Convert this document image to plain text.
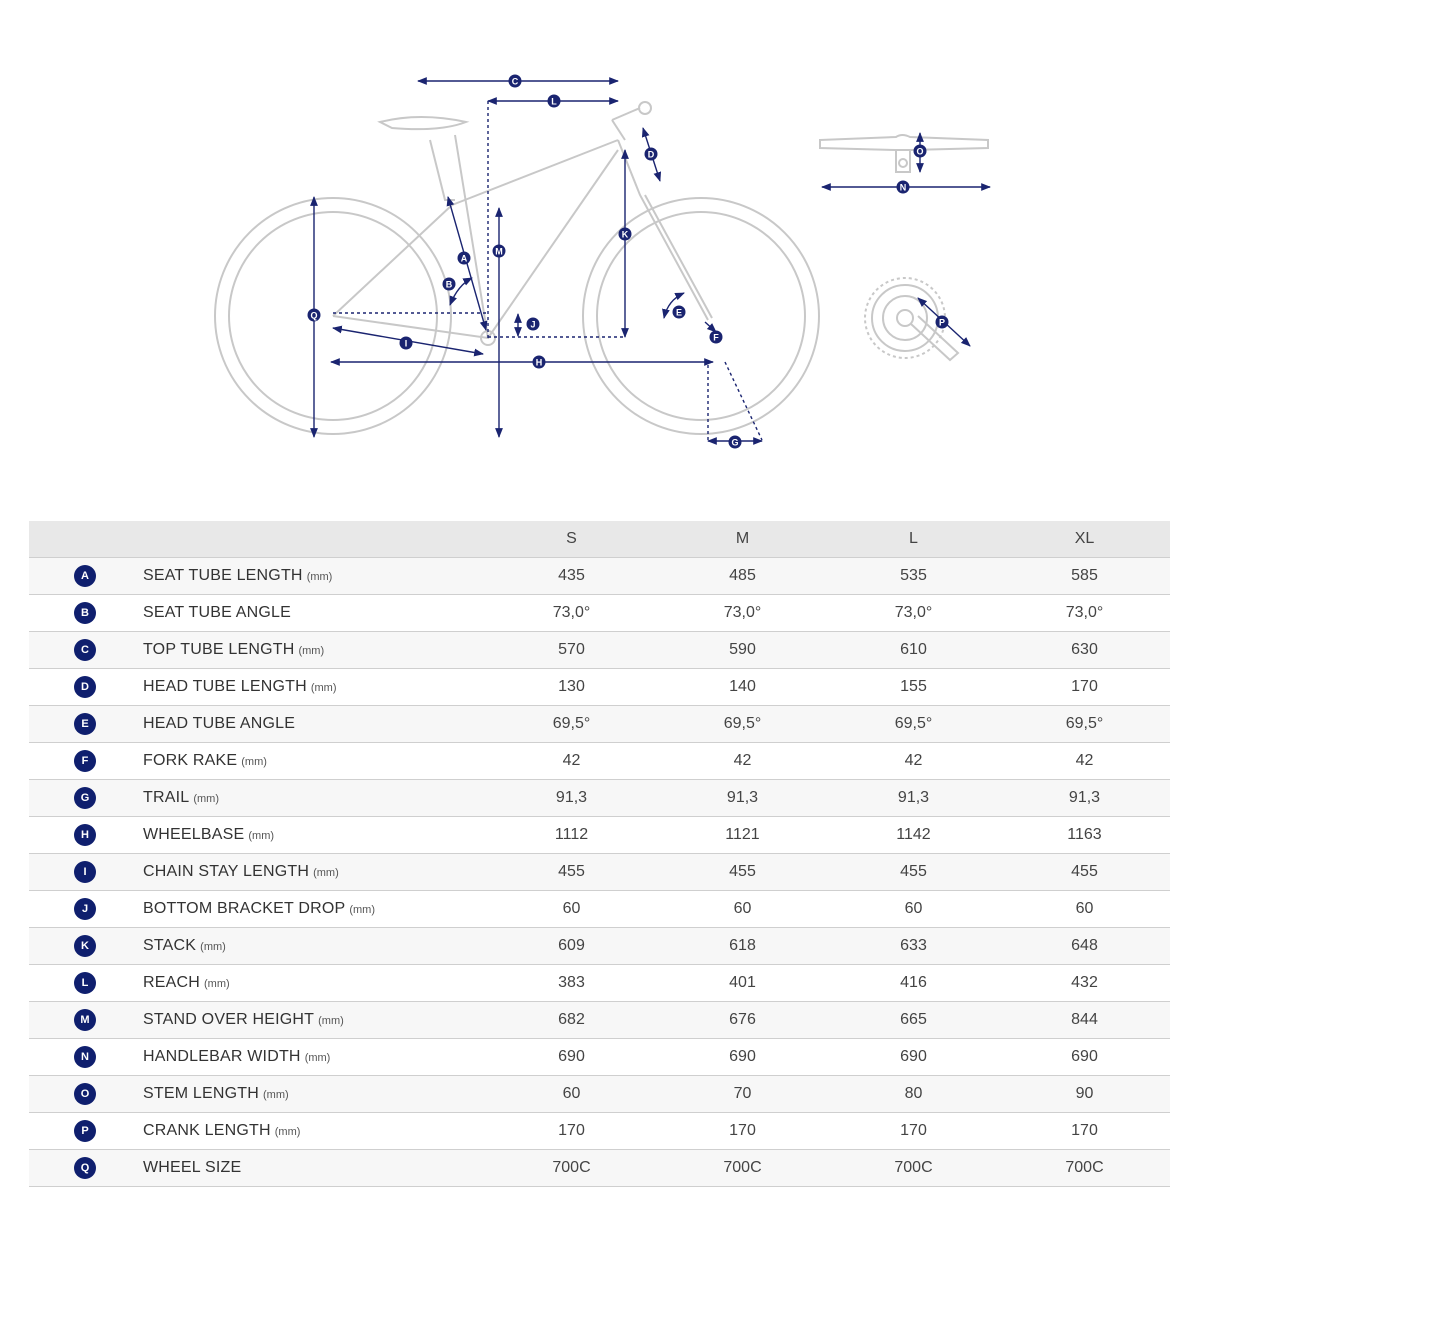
A
B
C
D
E
F
G
H
I
J
K
L
M
N
O
P
Q
		S	M	L	XL

A	SEAT TUBE LENGTH (mm)	435	485	535	585

B	SEAT TUBE ANGLE	73,0°	73,0°	73,0°	73,0°

C	TOP TUBE LENGTH (mm)	570	590	610	630

D	HEAD TUBE LENGTH (mm)	130	140	155	170

E	HEAD TUBE ANGLE	69,5°	69,5°	69,5°	69,5°

F	FORK RAKE (mm)	42	42	42	42

G	TRAIL (mm)	91,3	91,3	91,3	91,3

H	WHEELBASE (mm)	1112	1121	1142	1163

I	CHAIN STAY LENGTH (mm)	455	455	455	455

J	BOTTOM BRACKET DROP (mm)	60	60	60	60

K	STACK (mm)	609	618	633	648

L	REACH (mm)	383	401	416	432

M	STAND OVER HEIGHT (mm)	682	676	665	844

N	HANDLEBAR WIDTH (mm)	690	690	690	690

O	STEM LENGTH (mm)	60	70	80	90

P	CRANK LENGTH (mm)	170	170	170	170

Q	WHEEL SIZE	700C	700C	700C	700C
